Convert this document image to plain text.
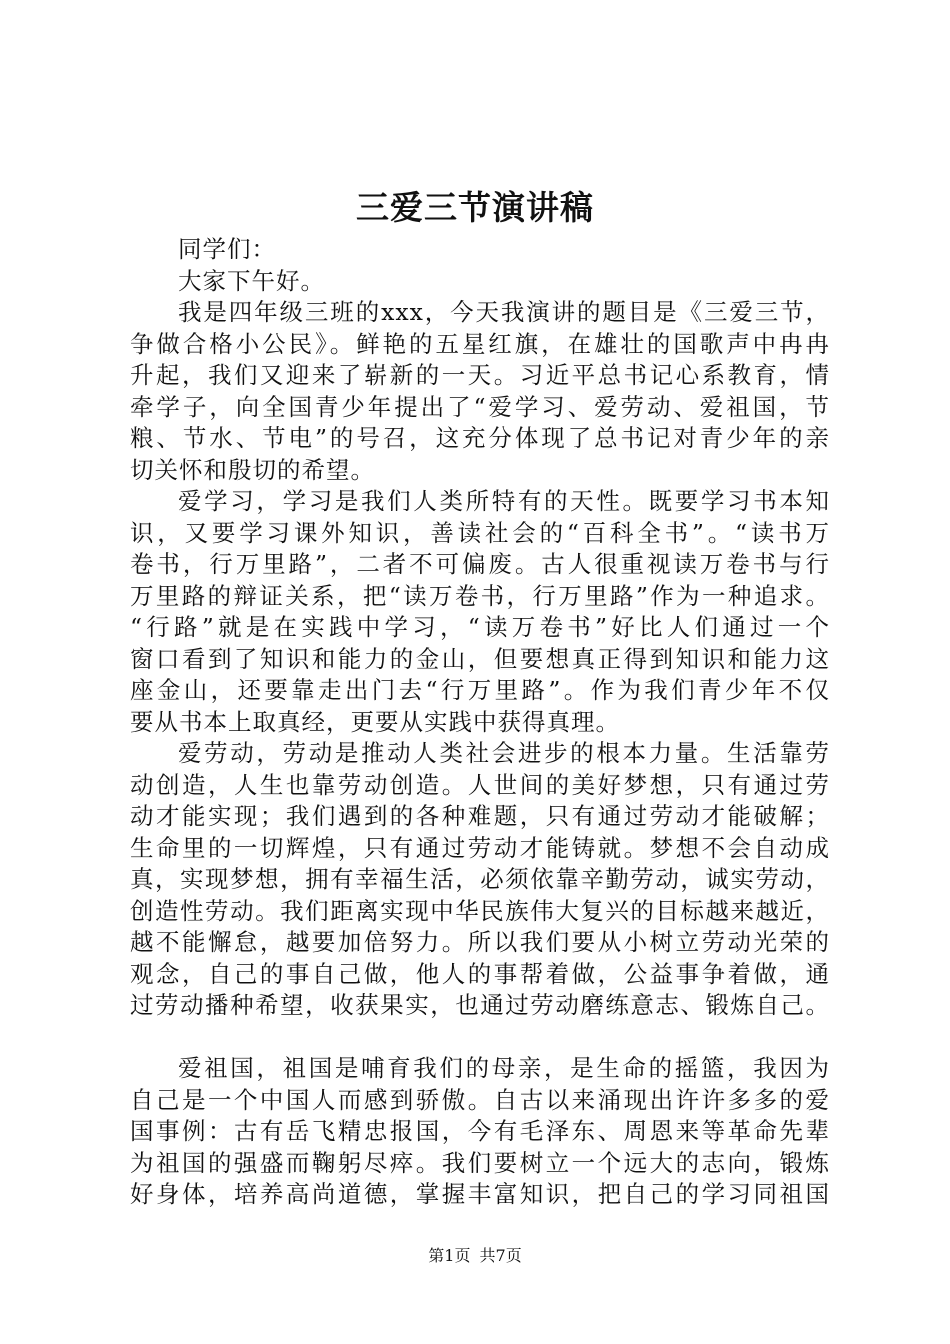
三爱三节演讲稿
同学们：
大家下午好。
我是四年级三班的xxx，今天我演讲的题目是《三爱三节，
争做合格小公民》。鲜艳的五星红旗，在雄壮的国歌声中冉冉
升起，我们又迎来了崭新的一天。习近平总书记心系教育，情
牵学子，向全国青少年提出了“爱学习、爱劳动、爱祖国，节
粮、节水、节电”的号召，这充分体现了总书记对青少年的亲
切关怀和殷切的希望。
爱学习，学习是我们人类所特有的天性。既要学习书本知
识，又要学习课外知识，善读社会的“百科全书”。“读书万
卷书，行万里路”，二者不可偏废。古人很重视读万卷书与行
万里路的辩证关系，把“读万卷书，行万里路”作为一种追求。
“行路”就是在实践中学习，“读万卷书”好比人们通过一个
窗口看到了知识和能力的金山，但要想真正得到知识和能力这
座金山，还要靠走出门去“行万里路”。作为我们青少年不仅
要从书本上取真经，更要从实践中获得真理。
爱劳动，劳动是推动人类社会进步的根本力量。生活靠劳
动创造，人生也靠劳动创造。人世间的美好梦想，只有通过劳
动才能实现；我们遇到的各种难题，只有通过劳动才能破解；
生命里的一切辉煌，只有通过劳动才能铸就。梦想不会自动成
真，实现梦想，拥有幸福生活，必须依靠辛勤劳动，诚实劳动，
创造性劳动。我们距离实现中华民族伟大复兴的目标越来越近，
越不能懈怠，越要加倍努力。所以我们要从小树立劳动光荣的
观念，自己的事自己做，他人的事帮着做，公益事争着做，通
过劳动播种希望，收获果实，也通过劳动磨练意志、锻炼自己。
爱祖国，祖国是哺育我们的母亲，是生命的摇篮，我因为
自己是一个中国人而感到骄傲。自古以来涌现出许许多多的爱
国事例：古有岳飞精忠报国，今有毛泽东、周恩来等革命先辈
为祖国的强盛而鞠躬尽瘁。我们要树立一个远大的志向，锻炼
好身体，培养高尚道德，掌握丰富知识，把自己的学习同祖国
第1页 共7页
